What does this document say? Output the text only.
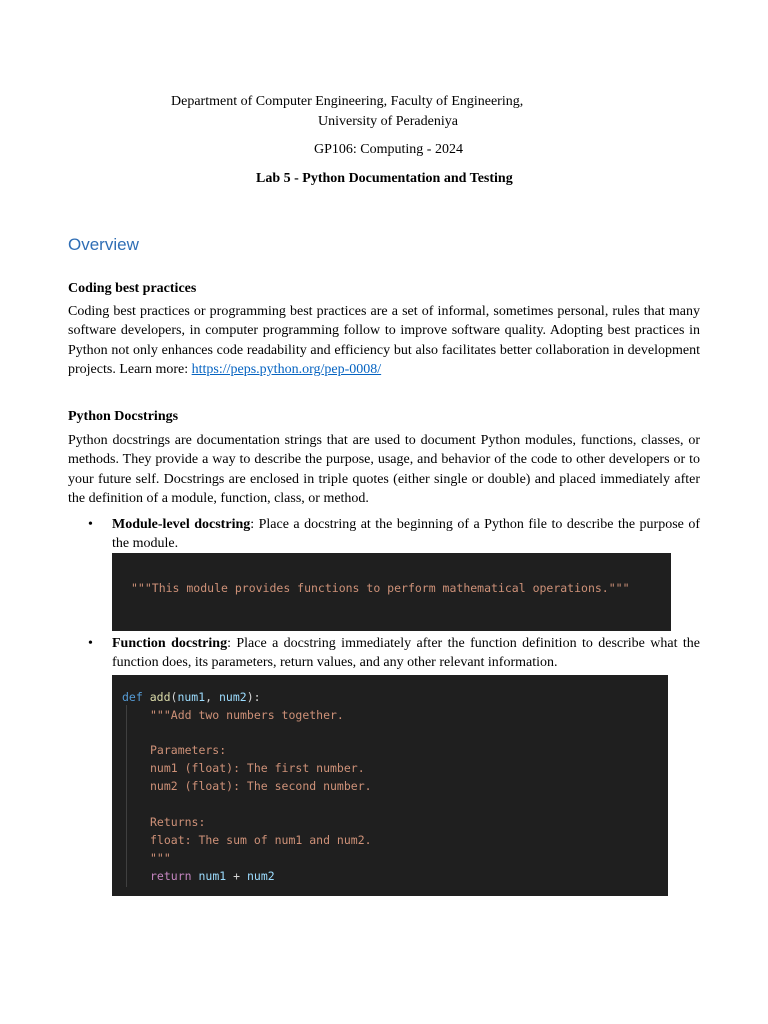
Department of Computer Engineering, Faculty of Engineering,
University of Peradeniya
GP106: Computing - 2024
Lab 5 - Python Documentation and Testing
Overview
Coding best practices
Coding best practices or programming best practices are a set of informal, sometimes personal, rules that many software developers, in computer programming follow to improve software quality. Adopting best practices in Python not only enhances code readability and efficiency but also facilitates better collaboration in development projects. Learn more: https://peps.python.org/pep-0008/
Python Docstrings
Python docstrings are documentation strings that are used to document Python modules, functions, classes, or methods. They provide a way to describe the purpose, usage, and behavior of the code to other developers or to your future self. Docstrings are enclosed in triple quotes (either single or double) and placed immediately after the definition of a module, function, class, or method.
• Module-level docstring: Place a docstring at the beginning of a Python file to describe the purpose of the module.

"""This module provides functions to perform mathematical operations."""

• Function docstring: Place a docstring immediately after the function definition to describe what the function does, its parameters, return values, and any other relevant information.

def add(num1, num2):

"""Add two numbers together.

Parameters:

num1 (float): The first number.

num2 (float): The second number.

Returns:

float: The sum of num1 and num2.

"""

return num1 + num2
